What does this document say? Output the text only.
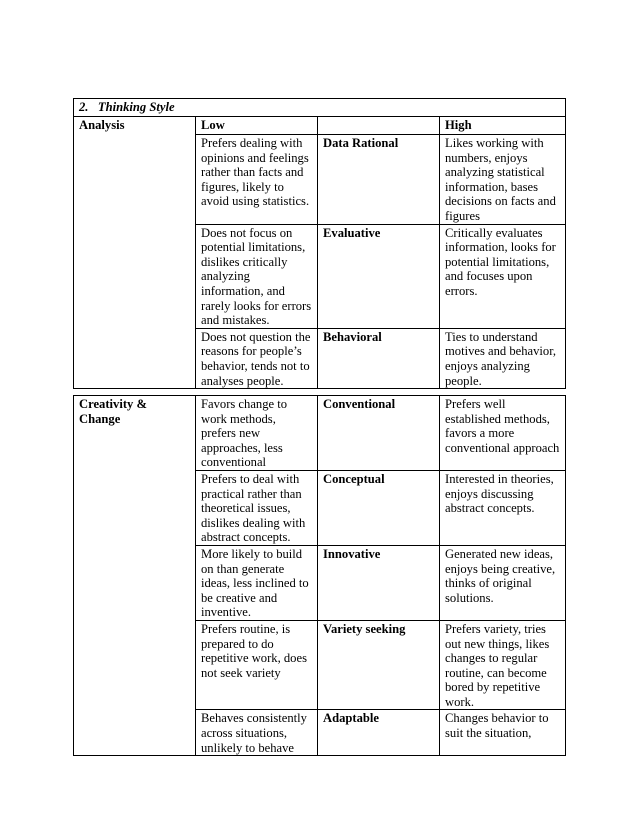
2. Thinking Style			
Analysis	Low		High
	Prefers dealing with opinions and feelings rather than facts and figures, likely to avoid using statistics.	Data Rational	Likes working with numbers, enjoys analyzing statistical information, bases decisions on facts and figures
	Does not focus on potential limitations, dislikes critically analyzing information, and rarely looks for errors and mistakes.	Evaluative	Critically evaluates information, looks for potential limitations, and focuses upon errors.
	Does not question the reasons for people’s behavior, tends not to analyses people.	Behavioral	Ties to understand motives and behavior, enjoys analyzing people.
Creativity & Change	Favors change to work methods, prefers new approaches, less conventional	Conventional	Prefers well established methods, favors a more conventional approach
	Prefers to deal with practical rather than theoretical issues, dislikes dealing with abstract concepts.	Conceptual	Interested in theories, enjoys discussing abstract concepts.
	More likely to build on than generate ideas, less inclined to be creative and inventive.	Innovative	Generated new ideas, enjoys being creative, thinks of original solutions.
	Prefers routine, is prepared to do repetitive work, does not seek variety	Variety seeking	Prefers variety, tries out new things, likes changes to regular routine, can become bored by repetitive work.
	Behaves consistently across situations, unlikely to behave	Adaptable	Changes behavior to suit the situation,
